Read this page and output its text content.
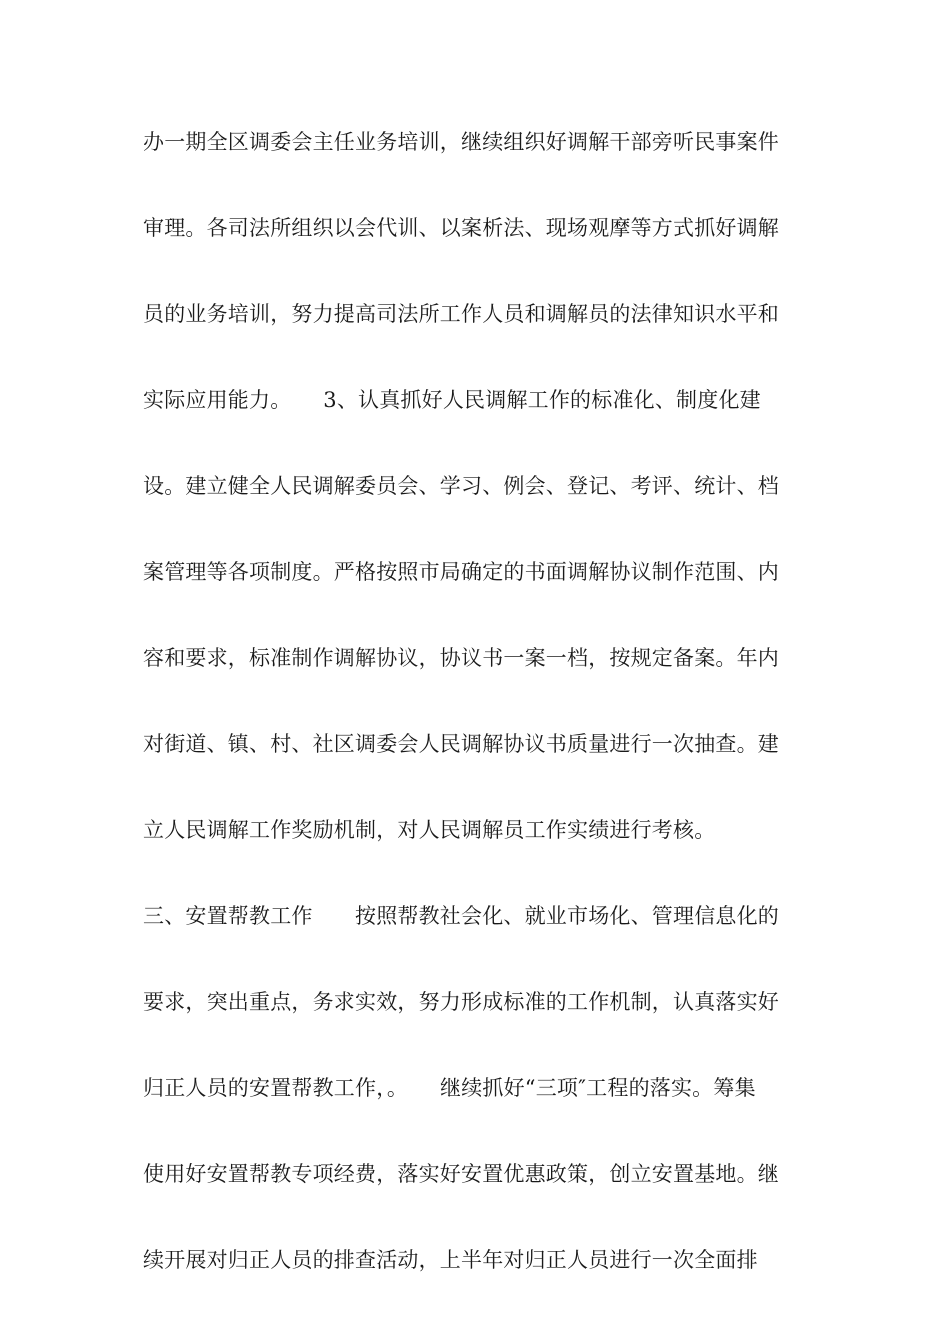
办一期全区调委会主任业务培训，继续组织好调解干部旁听民事案件
审理。各司法所组织以会代训、以案析法、现场观摩等方式抓好调解
员的业务培训，努力提高司法所工作人员和调解员的法律知识水平和
实际应用能力。　　3、认真抓好人民调解工作的标准化、制度化建
设。建立健全人民调解委员会、学习、例会、登记、考评、统计、档
案管理等各项制度。严格按照市局确定的书面调解协议制作范围、内
容和要求，标准制作调解协议，协议书一案一档，按规定备案。年内
对街道、镇、村、社区调委会人民调解协议书质量进行一次抽查。建
立人民调解工作奖励机制，对人民调解员工作实绩进行考核。
三、安置帮教工作　　按照帮教社会化、就业市场化、管理信息化的
要求，突出重点，务求实效，努力形成标准的工作机制，认真落实好
归正人员的安置帮教工作，。　　继续抓好“三项″工程的落实。筹集
使用好安置帮教专项经费，落实好安置优惠政策，创立安置基地。继
续开展对归正人员的排查活动，上半年对归正人员进行一次全面排
